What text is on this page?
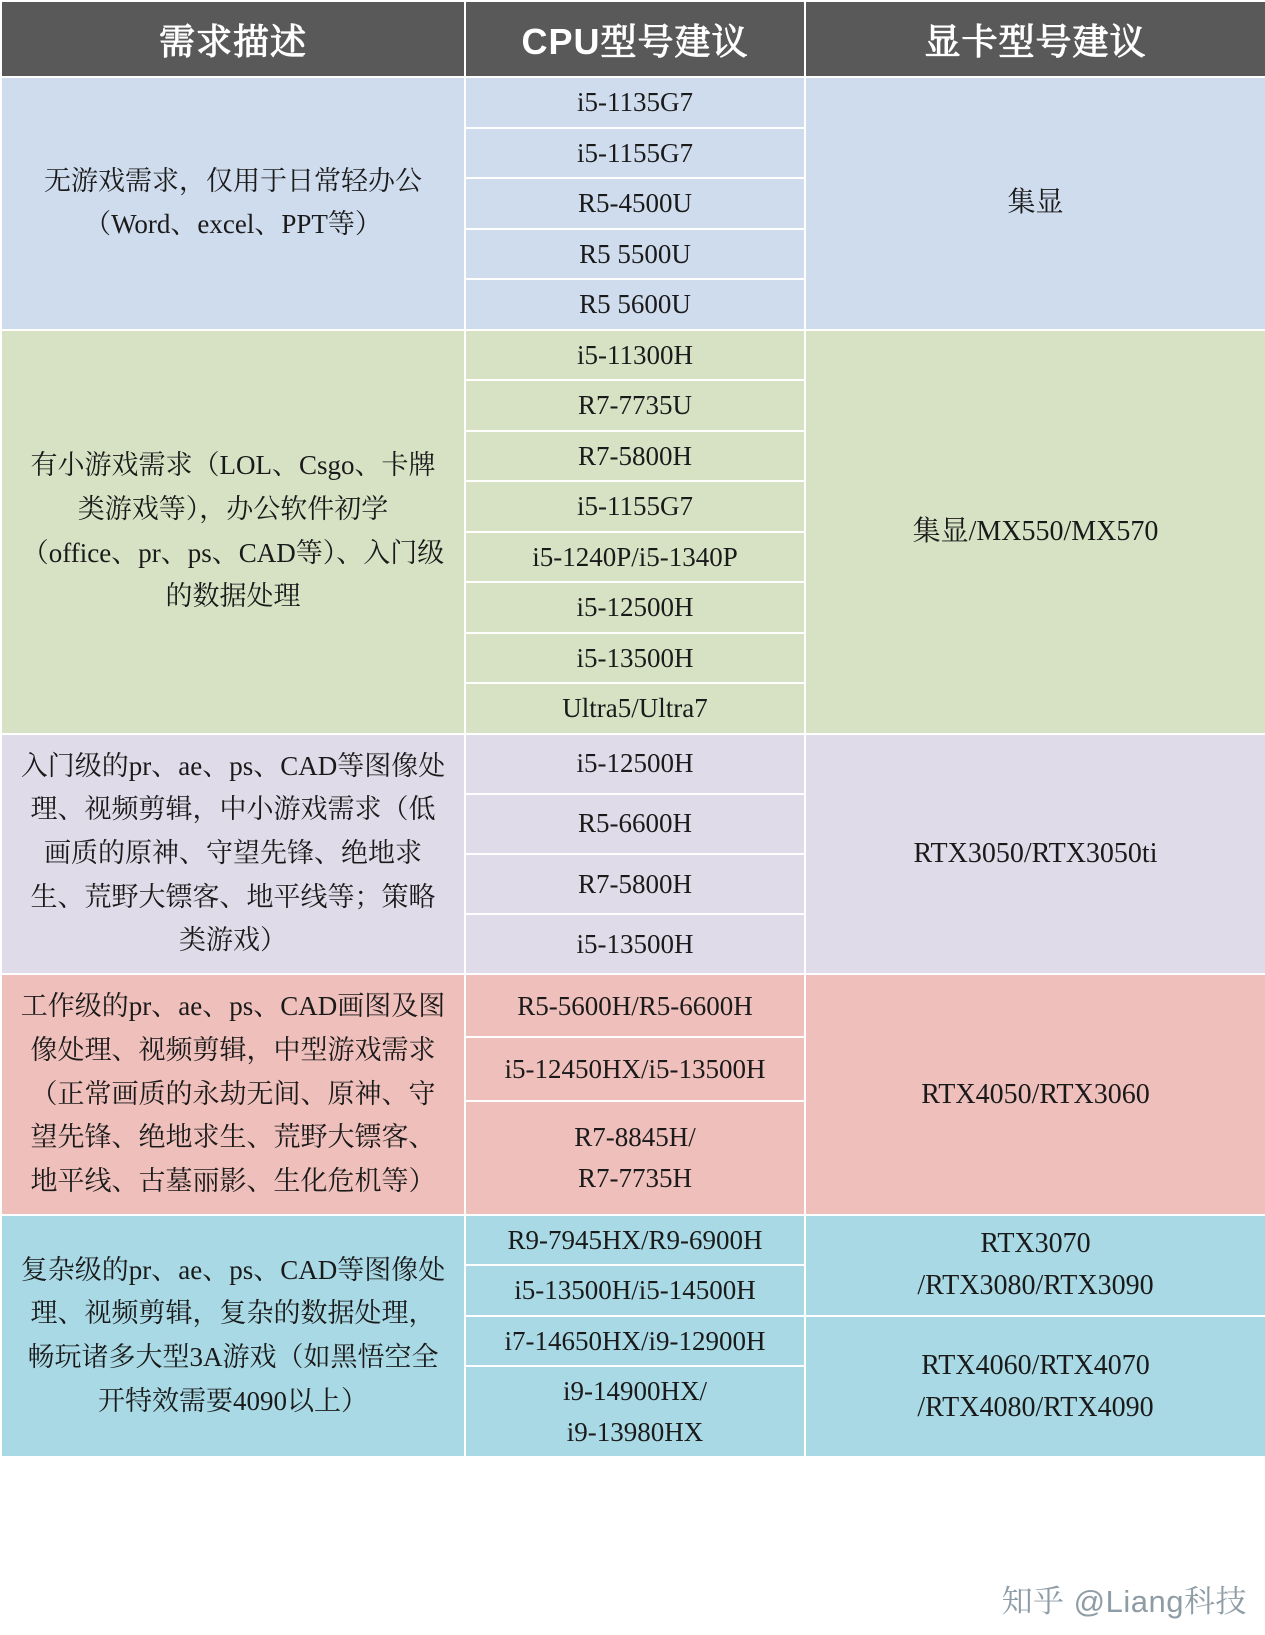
需求描述	CPU型号建议	显卡型号建议
无游戏需求，仅用于日常轻办公（Word、excel、PPT等）	i5-1135G7	集显
	i5-1155G7	
	R5-4500U	
	R5 5500U	
	R5 5600U	
有小游戏需求（LOL、Csgo、卡牌类游戏等），办公软件初学（office、pr、ps、CAD等）、入门级的数据处理	i5-11300H	集显/MX550/MX570
	R7-7735U	
	R7-5800H	
	i5-1155G7	
	i5-1240P/i5-1340P	
	i5-12500H	
	i5-13500H	
	Ultra5/Ultra7	
入门级的pr、ae、ps、CAD等图像处理、视频剪辑，中小游戏需求（低画质的原神、守望先锋、绝地求生、荒野大镖客、地平线等；策略类游戏）	i5-12500H	RTX3050/RTX3050ti
	R5-6600H	
	R7-5800H	
	i5-13500H	
工作级的pr、ae、ps、CAD画图及图像处理、视频剪辑，中型游戏需求（正常画质的永劫无间、原神、守望先锋、绝地求生、荒野大镖客、地平线、古墓丽影、生化危机等）	R5-5600H/R5-6600H	RTX4050/RTX3060
	i5-12450HX/i5-13500H	
	R7-8845H/
R7-7735H	
复杂级的pr、ae、ps、CAD等图像处理、视频剪辑，复杂的数据处理，畅玩诸多大型3A游戏（如黑悟空全开特效需要4090以上）	R9-7945HX/R9-6900H	RTX3070
/RTX3080/RTX3090
	i5-13500H/i5-14500H	
	i7-14650HX/i9-12900H	RTX4060/RTX4070
/RTX4080/RTX4090
	i9-14900HX/
i9-13980HX	
知乎 @Liang科技
